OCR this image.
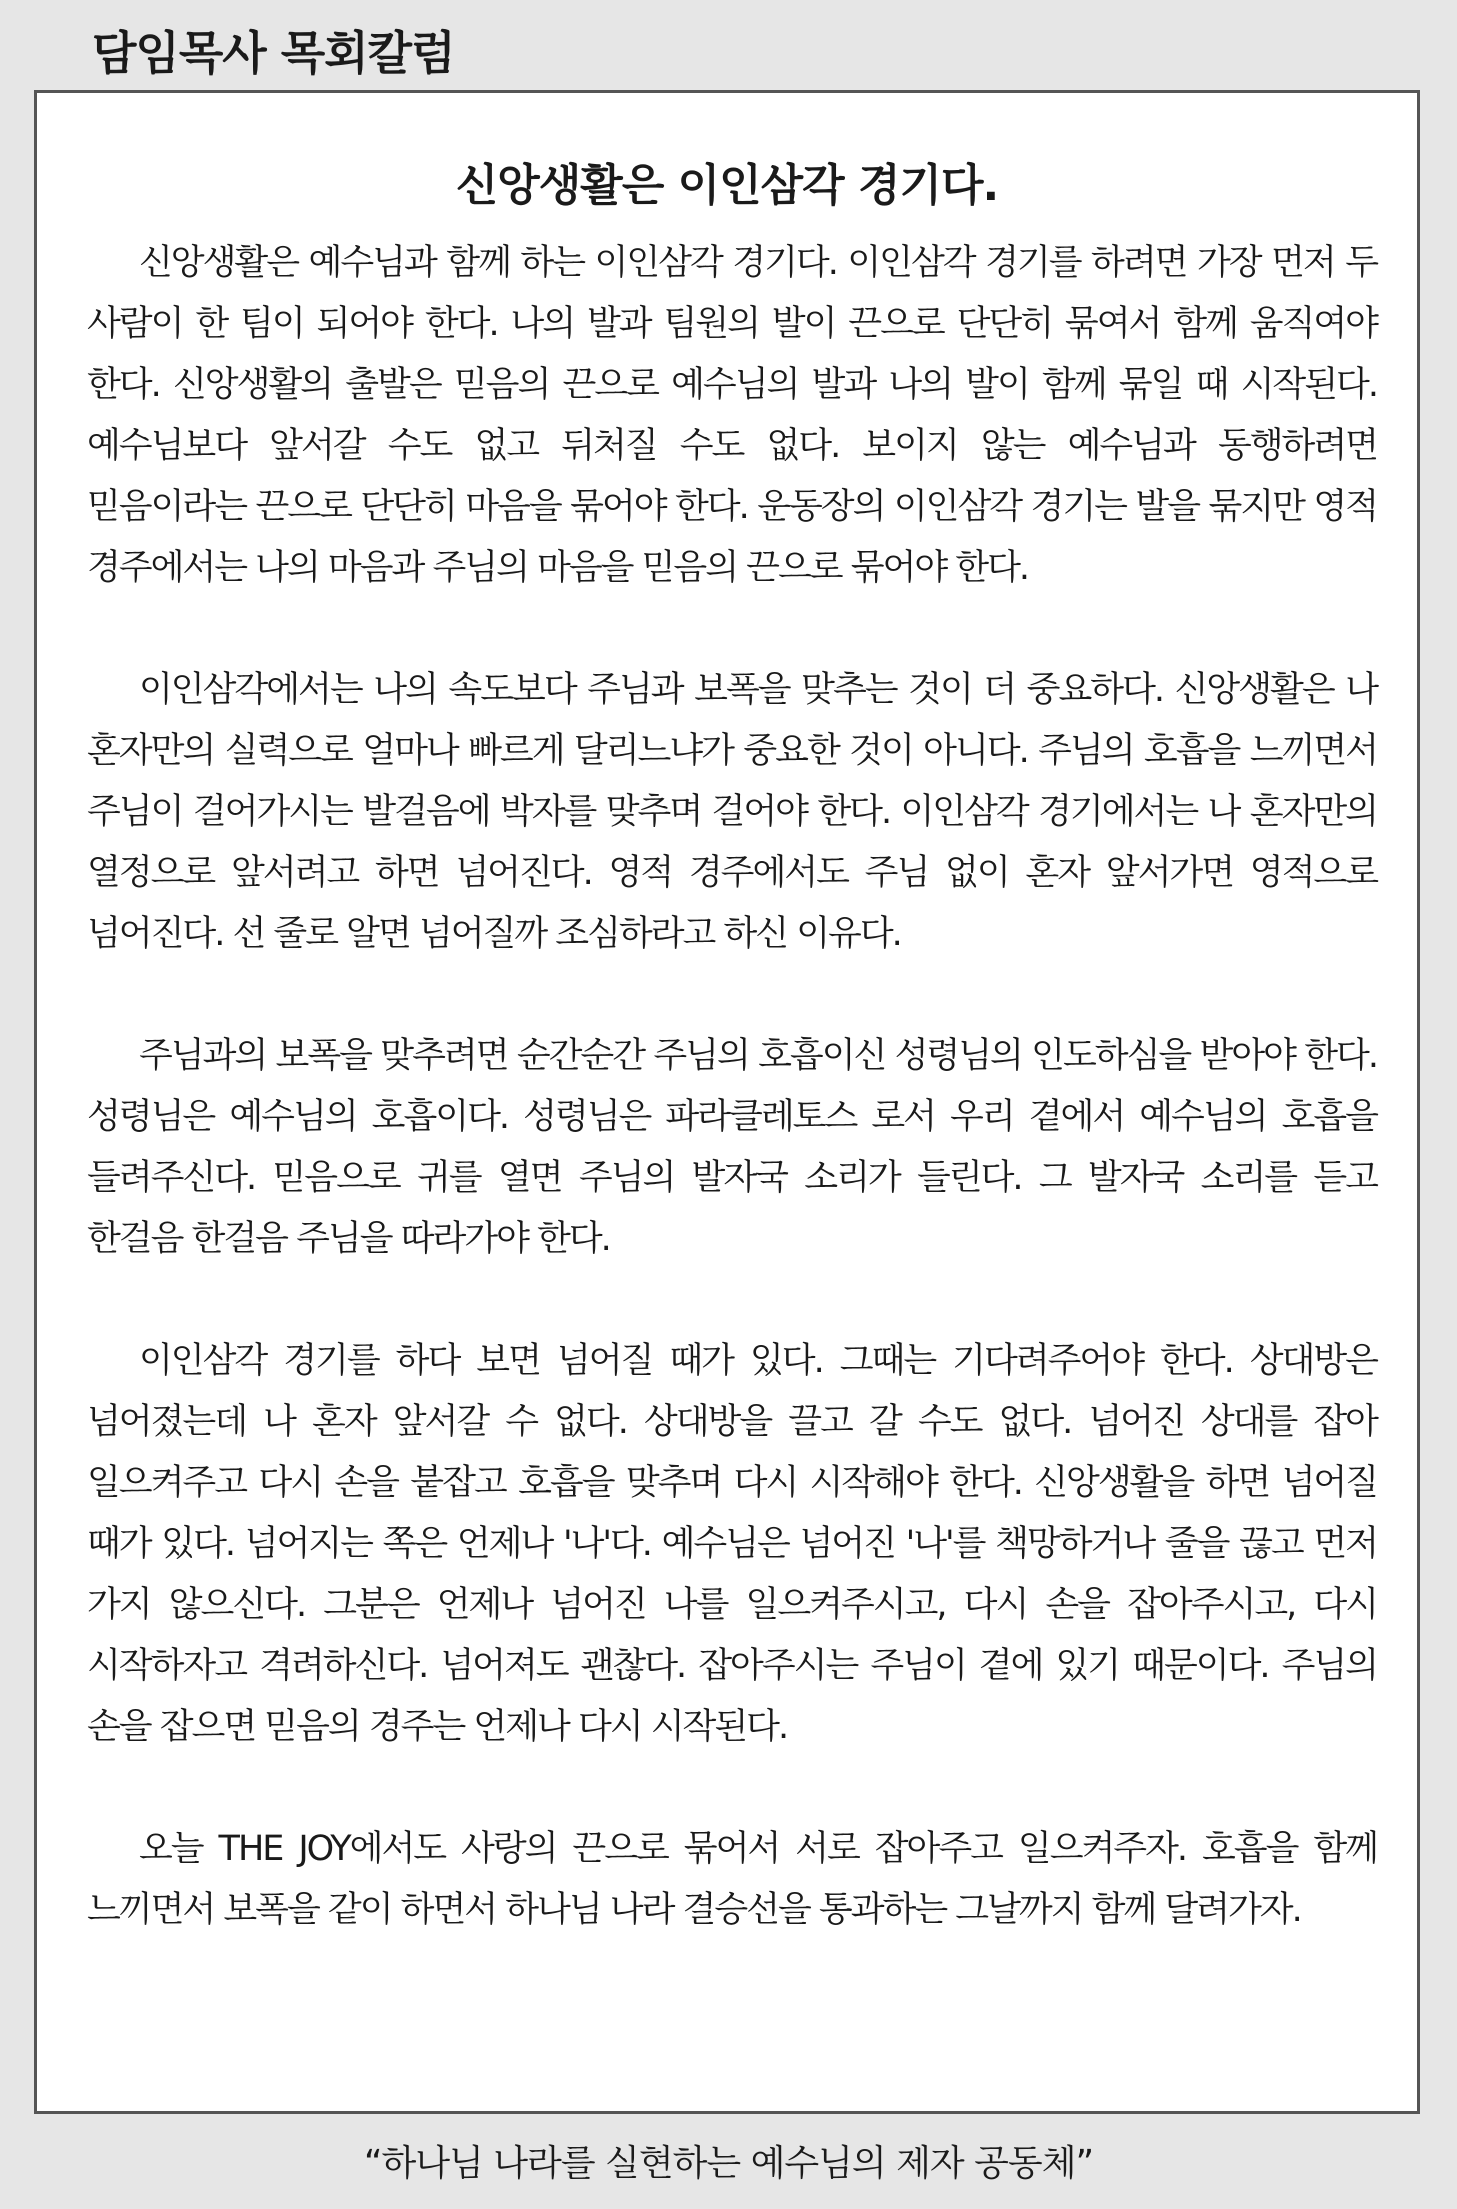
담임목사 목회칼럼
신앙생활은 이인삼각 경기다.

신앙생활은 예수님과 함께 하는 이인삼각 경기다. 이인삼각 경기를 하려면 가장 먼저 두 사람이 한 팀이 되어야 한다. 나의 발과 팀원의 발이 끈으로 단단히 묶여서 함께 움직여야 한다. 신앙생활의 출발은 믿음의 끈으로 예수님의 발과 나의 발이 함께 묶일 때 시작된다. 예수님보다 앞서갈 수도 없고 뒤처질 수도 없다. 보이지 않는 예수님과 동행하려면 믿음이라는 끈으로 단단히 마음을 묶어야 한다. 운동장의 이인삼각 경기는 발을 묶지만 영적 경주에서는 나의 마음과 주님의 마음을 믿음의 끈으로 묶어야 한다.

이인삼각에서는 나의 속도보다 주님과 보폭을 맞추는 것이 더 중요하다. 신앙생활은 나 혼자만의 실력으로 얼마나 빠르게 달리느냐가 중요한 것이 아니다. 주님의 호흡을 느끼면서 주님이 걸어가시는 발걸음에 박자를 맞추며 걸어야 한다. 이인삼각 경기에서는 나 혼자만의 열정으로 앞서려고 하면 넘어진다. 영적 경주에서도 주님 없이 혼자 앞서가면 영적으로 넘어진다. 선 줄로 알면 넘어질까 조심하라고 하신 이유다.

주님과의 보폭을 맞추려면 순간순간 주님의 호흡이신 성령님의 인도하심을 받아야 한다. 성령님은 예수님의 호흡이다. 성령님은 파라클레토스 로서 우리 곁에서 예수님의 호흡을 들려주신다. 믿음으로 귀를 열면 주님의 발자국 소리가 들린다. 그 발자국 소리를 듣고 한걸음 한걸음 주님을 따라가야 한다.

이인삼각 경기를 하다 보면 넘어질 때가 있다. 그때는 기다려주어야 한다. 상대방은 넘어졌는데 나 혼자 앞서갈 수 없다. 상대방을 끌고 갈 수도 없다. 넘어진 상대를 잡아 일으켜주고 다시 손을 붙잡고 호흡을 맞추며 다시 시작해야 한다. 신앙생활을 하면 넘어질 때가 있다. 넘어지는 쪽은 언제나 '나'다. 예수님은 넘어진 '나'를 책망하거나 줄을 끊고 먼저 가지 않으신다. 그분은 언제나 넘어진 나를 일으켜주시고, 다시 손을 잡아주시고, 다시 시작하자고 격려하신다. 넘어져도 괜찮다. 잡아주시는 주님이 곁에 있기 때문이다. 주님의 손을 잡으면 믿음의 경주는 언제나 다시 시작된다.

오늘 THE JOY에서도 사랑의 끈으로 묶어서 서로 잡아주고 일으켜주자. 호흡을 함께 느끼면서 보폭을 같이 하면서 하나님 나라 결승선을 통과하는 그날까지 함께 달려가자.

“하나님 나라를 실현하는 예수님의 제자 공동체”
